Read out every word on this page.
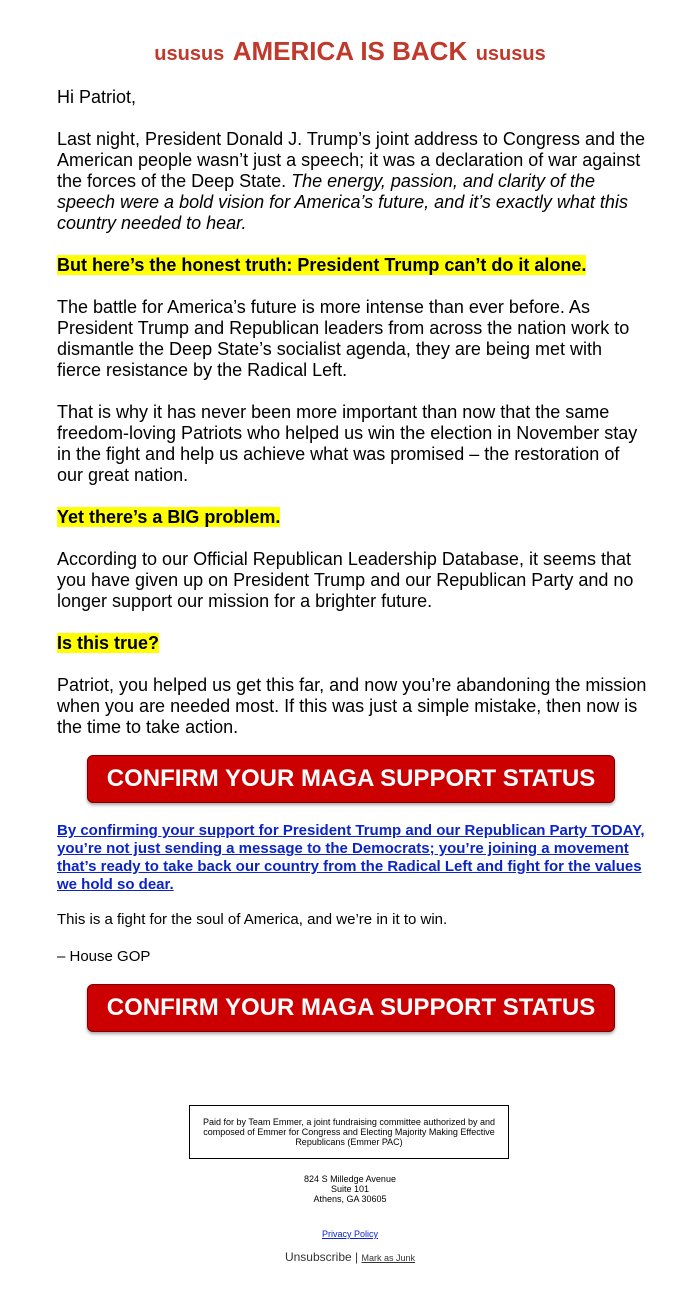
ususus AMERICA IS BACK ususus

Hi Patriot,

Last night, President Donald J. Trump’s joint address to Congress and the American people wasn’t just a speech; it was a declaration of war against the forces of the Deep State. The energy, passion, and clarity of the speech were a bold vision for America’s future, and it’s exactly what this country needed to hear.

But here’s the honest truth: President Trump can’t do it alone.

The battle for America’s future is more intense than ever before. As President Trump and Republican leaders from across the nation work to dismantle the Deep State’s socialist agenda, they are being met with fierce resistance by the Radical Left.

That is why it has never been more important than now that the same freedom-loving Patriots who helped us win the election in November stay in the fight and help us achieve what was promised – the restoration of our great nation.

Yet there’s a BIG problem.

According to our Official Republican Leadership Database, it seems that you have given up on President Trump and our Republican Party and no longer support our mission for a brighter future.

Is this true?

Patriot, you helped us get this far, and now you’re abandoning the mission when you are needed most. If this was just a simple mistake, then now is the time to take action.

CONFIRM YOUR MAGA SUPPORT STATUS

By confirming your support for President Trump and our Republican Party TODAY, you’re not just sending a message to the Democrats; you’re joining a movement that’s ready to take back our country from the Radical Left and fight for the values we hold so dear.

This is a fight for the soul of America, and we’re in it to win.

– House GOP

CONFIRM YOUR MAGA SUPPORT STATUS
Paid for by Team Emmer, a joint fundraising committee authorized by and composed of Emmer for Congress and Electing Majority Making Effective Republicans (Emmer PAC)
824 S Milledge Avenue
Suite 101
Athens, GA 30605
Privacy Policy
Unsubscribe | Mark as Junk
